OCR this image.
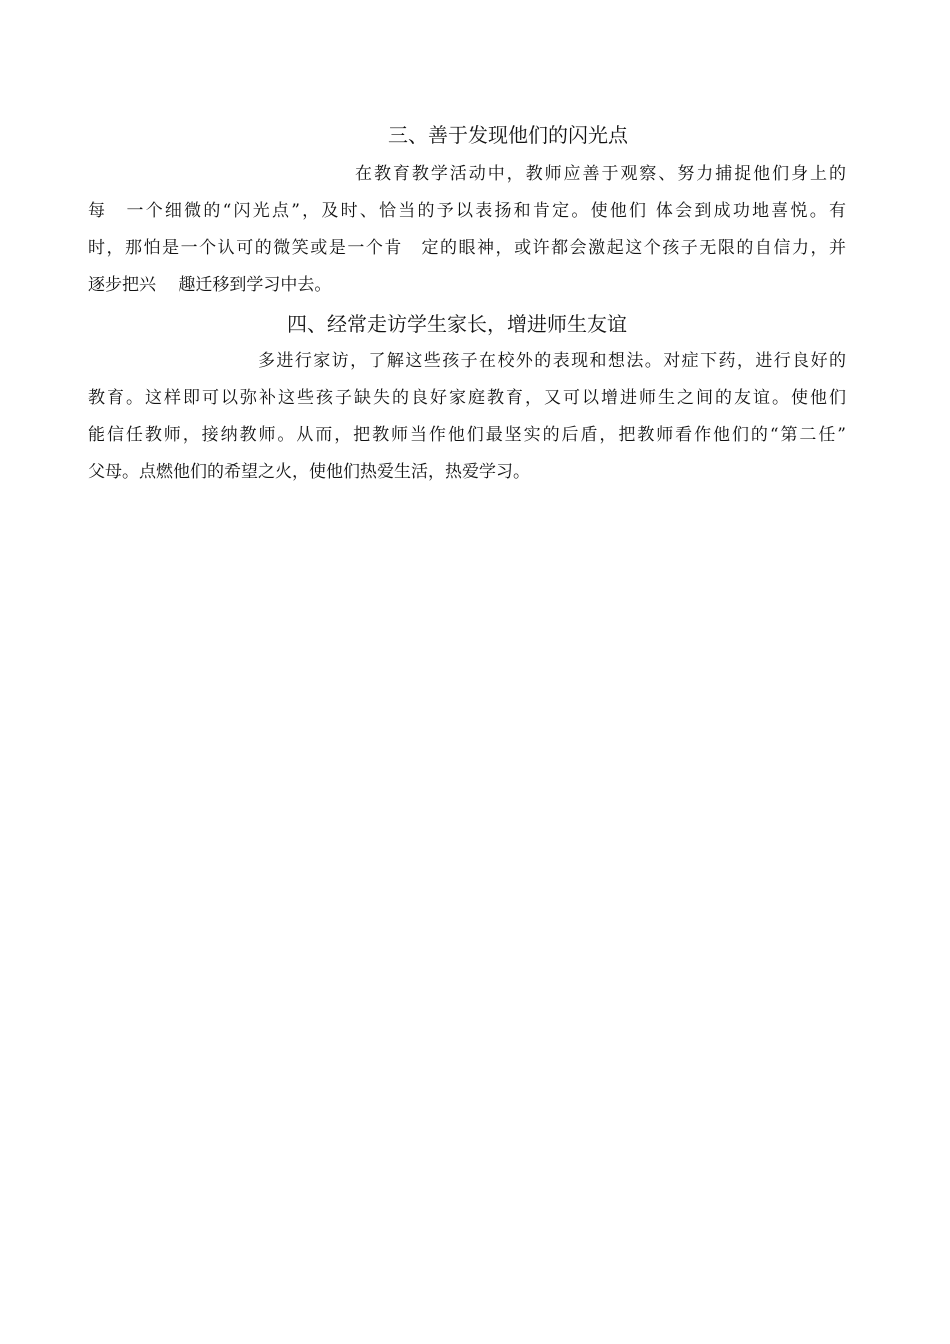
三、善于发现他们的闪光点
在教育教学活动中，教师应善于观察、努力捕捉他们身上的
每　一个细微的“闪光点”，及时、恰当的予以表扬和肯定。使他们 体会到成功地喜悦。有
时，那怕是一个认可的微笑或是一个肯　定的眼神，或许都会激起这个孩子无限的自信力，并
逐步把兴　 趣迁移到学习中去。
四、经常走访学生家长，增进师生友谊
多进行家访，了解这些孩子在校外的表现和想法。对症下药，进行良好的
教育。这样即可以弥补这些孩子缺失的良好家庭教育，又可以增进师生之间的友谊。使他们
能信任教师，接纳教师。从而，把教师当作他们最坚实的后盾，把教师看作他们的“第二任”
父母。点燃他们的希望之火，使他们热爱生活，热爱学习。
